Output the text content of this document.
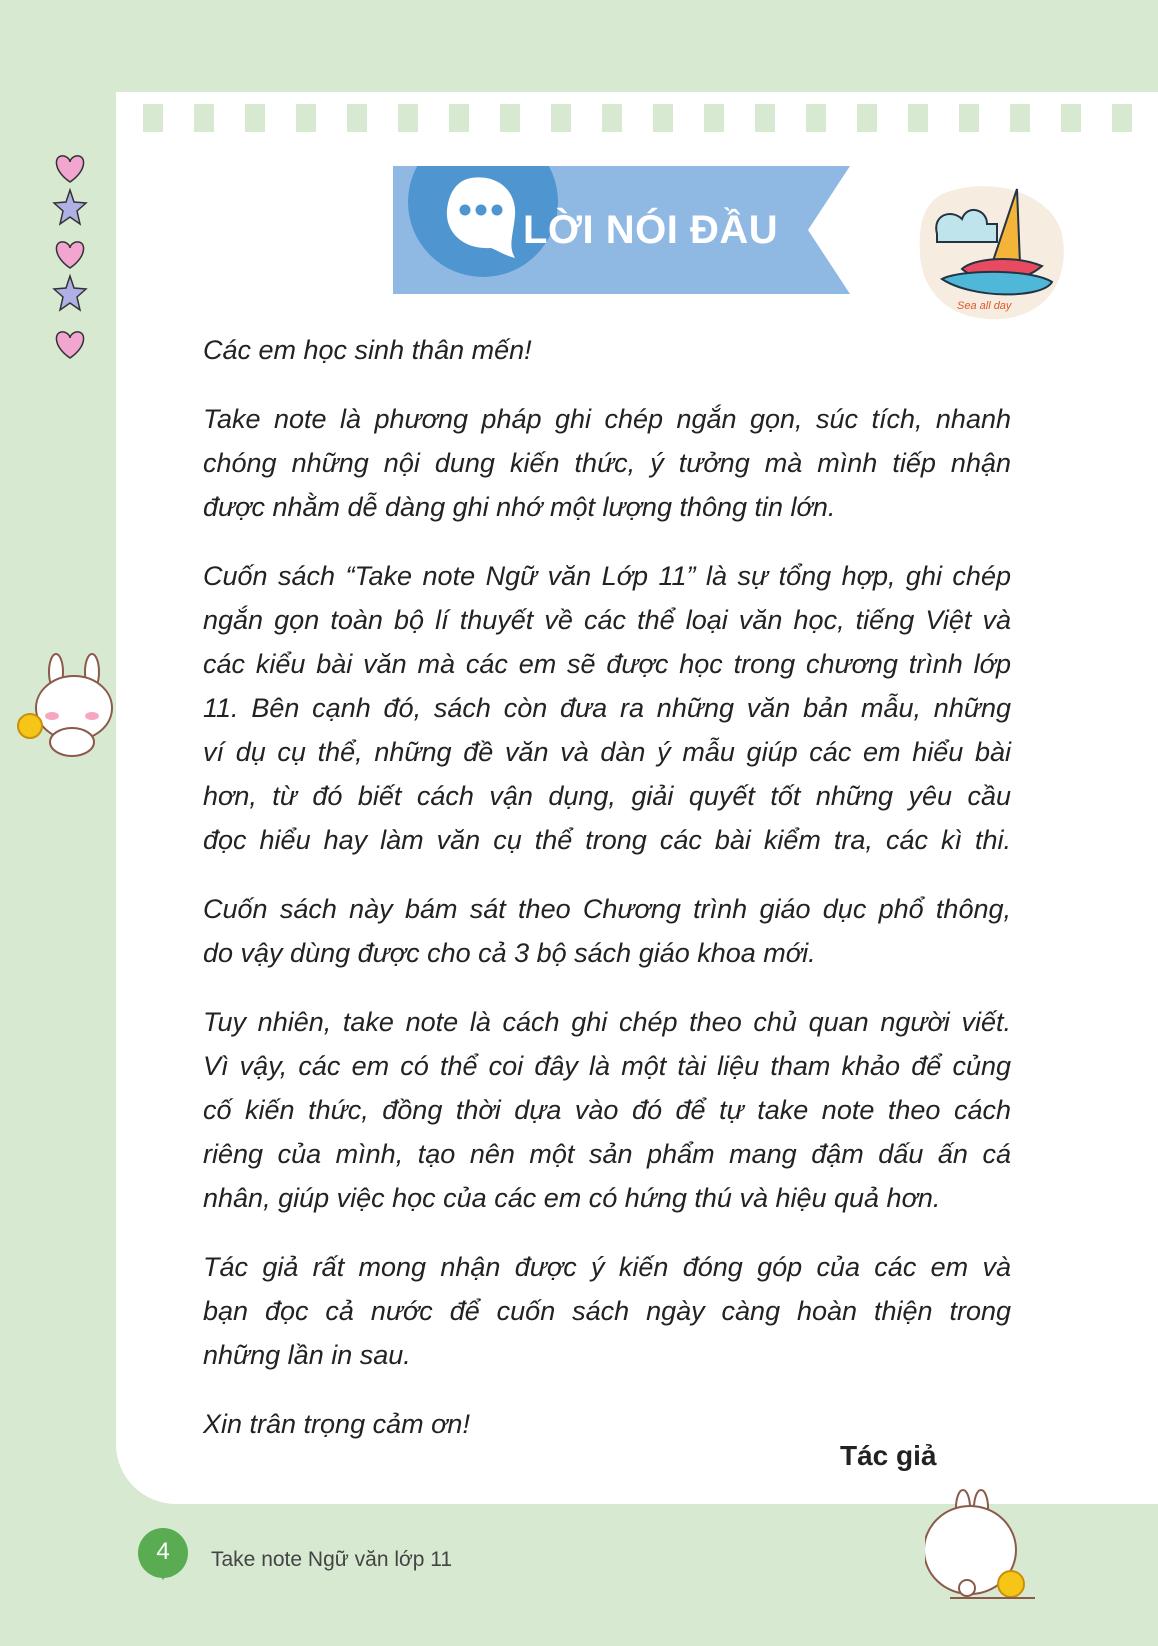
LỜI NÓI ĐẦU
Sea all day
Các em học sinh thân mến!
Take note là phương pháp ghi chép ngắn gọn, súc tích, nhanh
chóng những nội dung kiến thức, ý tưởng mà mình tiếp nhận
được nhằm dễ dàng ghi nhớ một lượng thông tin lớn.
Cuốn sách “Take note Ngữ văn Lớp 11” là sự tổng hợp, ghi chép
ngắn gọn toàn bộ lí thuyết về các thể loại văn học, tiếng Việt và
các kiểu bài văn mà các em sẽ được học trong chương trình lớp
11. Bên cạnh đó, sách còn đưa ra những văn bản mẫu, những
ví dụ cụ thể, những đề văn và dàn ý mẫu giúp các em hiểu bài
hơn, từ đó biết cách vận dụng, giải quyết tốt những yêu cầu
đọc hiểu hay làm văn cụ thể trong các bài kiểm tra, các kì thi.
Cuốn sách này bám sát theo Chương trình giáo dục phổ thông,
do vậy dùng được cho cả 3 bộ sách giáo khoa mới.
Tuy nhiên, take note là cách ghi chép theo chủ quan người viết.
Vì vậy, các em có thể coi đây là một tài liệu tham khảo để củng
cố kiến thức, đồng thời dựa vào đó để tự take note theo cách
riêng của mình, tạo nên một sản phẩm mang đậm dấu ấn cá
nhân, giúp việc học của các em có hứng thú và hiệu quả hơn.
Tác giả rất mong nhận được ý kiến đóng góp của các em và
bạn đọc cả nước để cuốn sách ngày càng hoàn thiện trong
những lần in sau.
Xin trân trọng cảm ơn!
Tác giả
4	Take note Ngữ văn lớp 11
